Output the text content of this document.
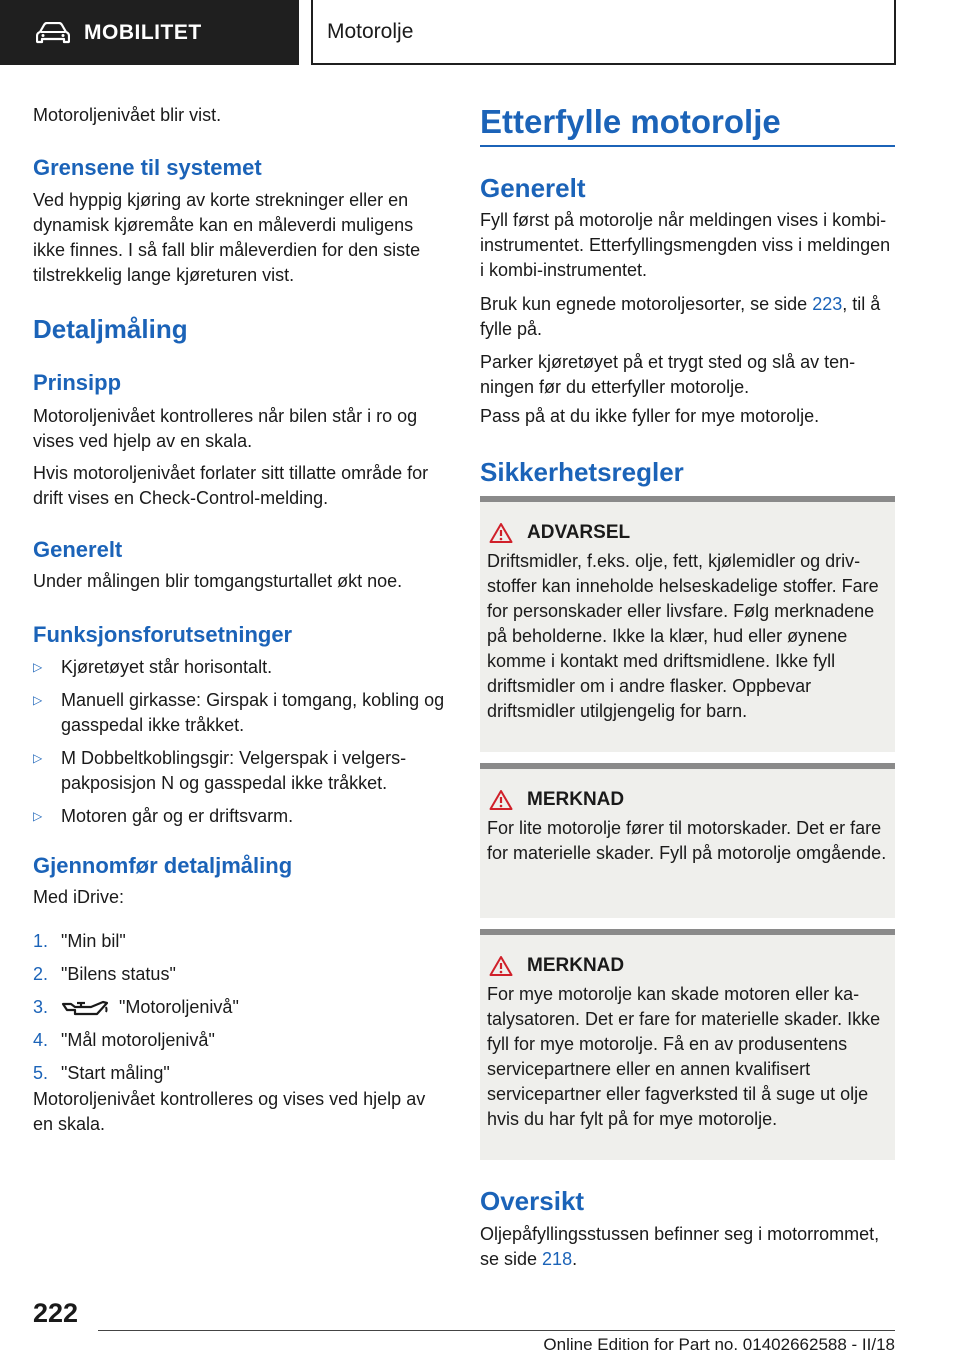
MOBILITET	Motorolje

Motoroljenivået blir vist.

Grensene til systemet

Ved hyppig kjøring av korte strekninger eller en dynamisk kjøremåte kan en måleverdi muligens ikke finnes. I så fall blir måleverdien for den siste tilstrekkelig lange kjøreturen vist.

Detaljmåling
Prinsipp

Motoroljenivået kontrolleres når bilen står i ro og vises ved hjelp av en skala.

Hvis motoroljenivået forlater sitt tillatte område for drift vises en Check-Control-melding.

Generelt

Under målingen blir tomgangsturtallet økt noe.

Funksjonsforutsetninger
▷	Kjøretøyet står horisontalt.
▷	Manuell girkasse: Girspak i tomgang, kobling og gasspedal ikke tråkket.
▷	M Dobbeltkoblingsgir: Velgerspak i velgerspakposisjon N og gasspedal ikke tråkket.
▷	Motoren går og er driftsvarm.
Gjennomfør detaljmåling

Med iDrive:

1. "Min bil"
2. "Bilens status"
3.	"Motoroljenivå"
4. "Mål motoroljenivå"
5. "Start måling"

Motoroljenivået kontrolleres og vises ved hjelp av en skala.

Etterfylle motorolje
Generelt

Fyll først på motorolje når meldingen vises i kombi-instrumentet. Etterfyllingsmengden viss i meldingen i kombi-instrumentet.

Bruk kun egnede motoroljesorter, se side 223, til å fylle på.

Parker kjøretøyet på et trygt sted og slå av tenningen før du etterfyller motorolje.

Pass på at du ikke fyller for mye motorolje.

Sikkerhetsregler
ADVARSEL
Driftsmidler, f.eks. olje, fett, kjølemidler og drivstoffer kan inneholde helseskadelige stoffer. Fare for personskader eller livsfare. Følg merknadene på beholderne. Ikke la klær, hud eller øynene komme i kontakt med driftsmidlene. Ikke fyll driftsmidler om i andre flasker. Oppbevar driftsmidler utilgjengelig for barn.
MERKNAD
For lite motorolje fører til motorskader. Det er fare for materielle skader. Fyll på motorolje omgående.
MERKNAD
For mye motorolje kan skade motoren eller katalysatoren. Det er fare for materielle skader. Ikke fyll for mye motorolje. Få en av produsentens servicepartnere eller en annen kvalifisert servicepartner eller fagverksted til å suge ut olje hvis du har fylt på for mye motorolje.
Oversikt

Oljepåfyllingsstussen befinner seg i motorrommet, se side 218.

222
Online Edition for Part no. 01402662588 - II/18
